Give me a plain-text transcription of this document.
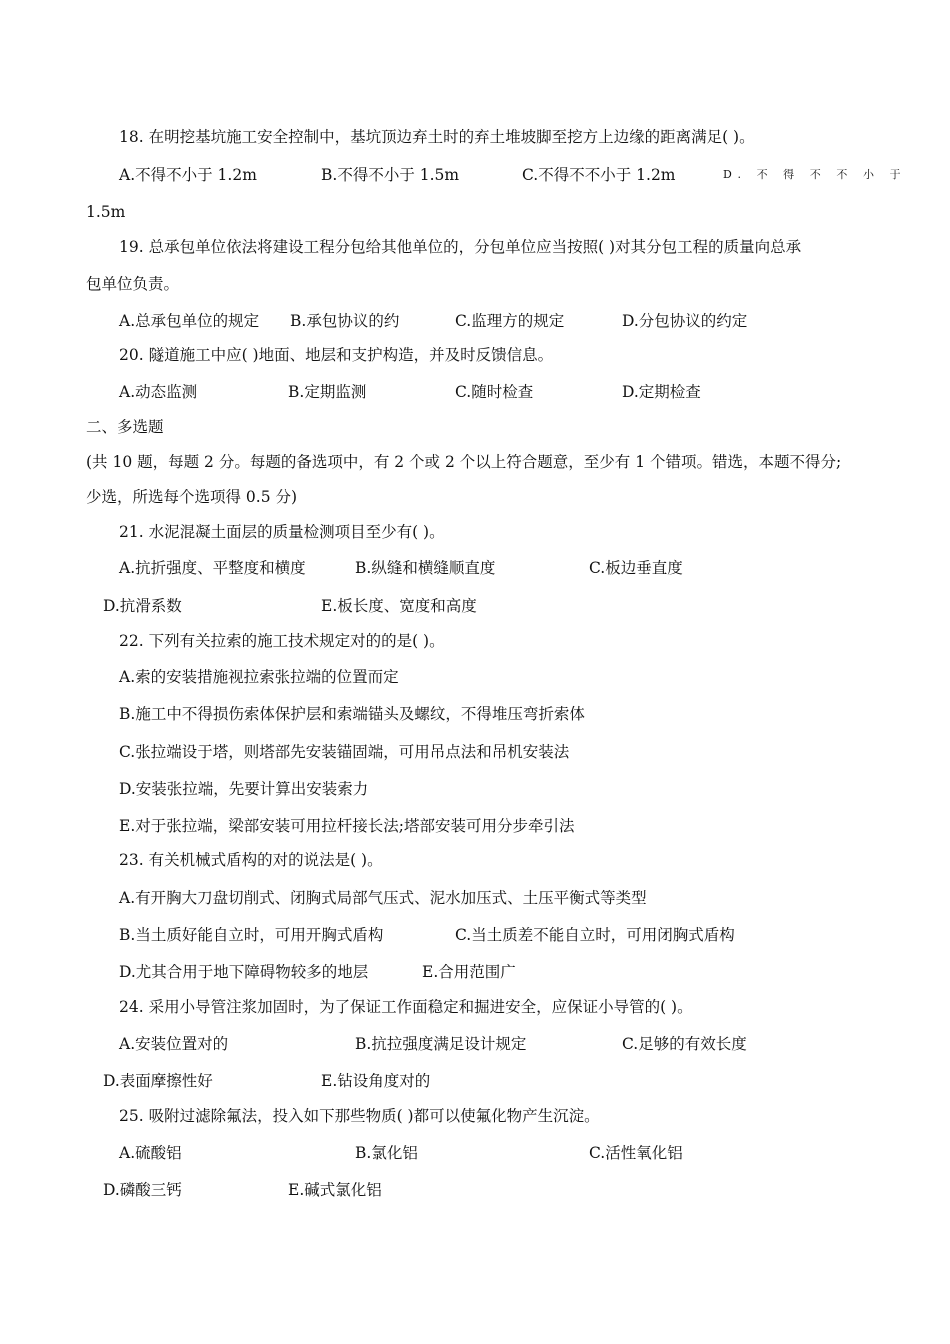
18. 在明挖基坑施工安全控制中，基坑顶边弃土时的弃土堆坡脚至挖方上边缘的距离满足( )。
A.不得不小于 1.2m	B.不得不小于 1.5m	C.不得不不小于 1.2m	D. 不 得 不 不 小 于
1.5m
19. 总承包单位依法将建设工程分包给其他单位的，分包单位应当按照( )对其分包工程的质量向总承
包单位负责。
A.总承包单位的规定 B.承包协议的约	C.监理方的规定	D.分包协议的约定
20. 隧道施工中应( )地面、地层和支护构造，并及时反馈信息。
A.动态监测	B.定期监测	C.随时检查	D.定期检查
二、多选题
(共 10 题，每题 2 分。每题的备选项中，有 2 个或 2 个以上符合题意，至少有 1 个错项。错选，本题不得分;
少选，所选每个选项得 0.5 分)
21. 水泥混凝土面层的质量检测项目至少有( )。
A.抗折强度、平整度和横度	B.纵缝和横缝顺直度	C.板边垂直度
D.抗滑系数	E.板长度、宽度和高度
22. 下列有关拉索的施工技术规定对的的是( )。
A.索的安装措施视拉索张拉端的位置而定
B.施工中不得损伤索体保护层和索端锚头及螺纹，不得堆压弯折索体
C.张拉端设于塔，则塔部先安装锚固端，可用吊点法和吊机安装法
D.安装张拉端，先要计算出安装索力
E.对于张拉端，梁部安装可用拉杆接长法;塔部安装可用分步牵引法
23. 有关机械式盾构的对的说法是( )。
A.有开胸大刀盘切削式、闭胸式局部气压式、泥水加压式、土压平衡式等类型
B.当土质好能自立时，可用开胸式盾构	C.当土质差不能自立时，可用闭胸式盾构
D.尤其合用于地下障碍物较多的地层	E.合用范围广
24. 采用小导管注浆加固时，为了保证工作面稳定和掘进安全，应保证小导管的( )。
A.安装位置对的	B.抗拉强度满足设计规定	C.足够的有效长度
D.表面摩擦性好	E.钻设角度对的
25. 吸附过滤除氟法，投入如下那些物质( )都可以使氟化物产生沉淀。
A.硫酸铝	B.氯化铝	C.活性氧化铝
D.磷酸三钙	E.碱式氯化铝
